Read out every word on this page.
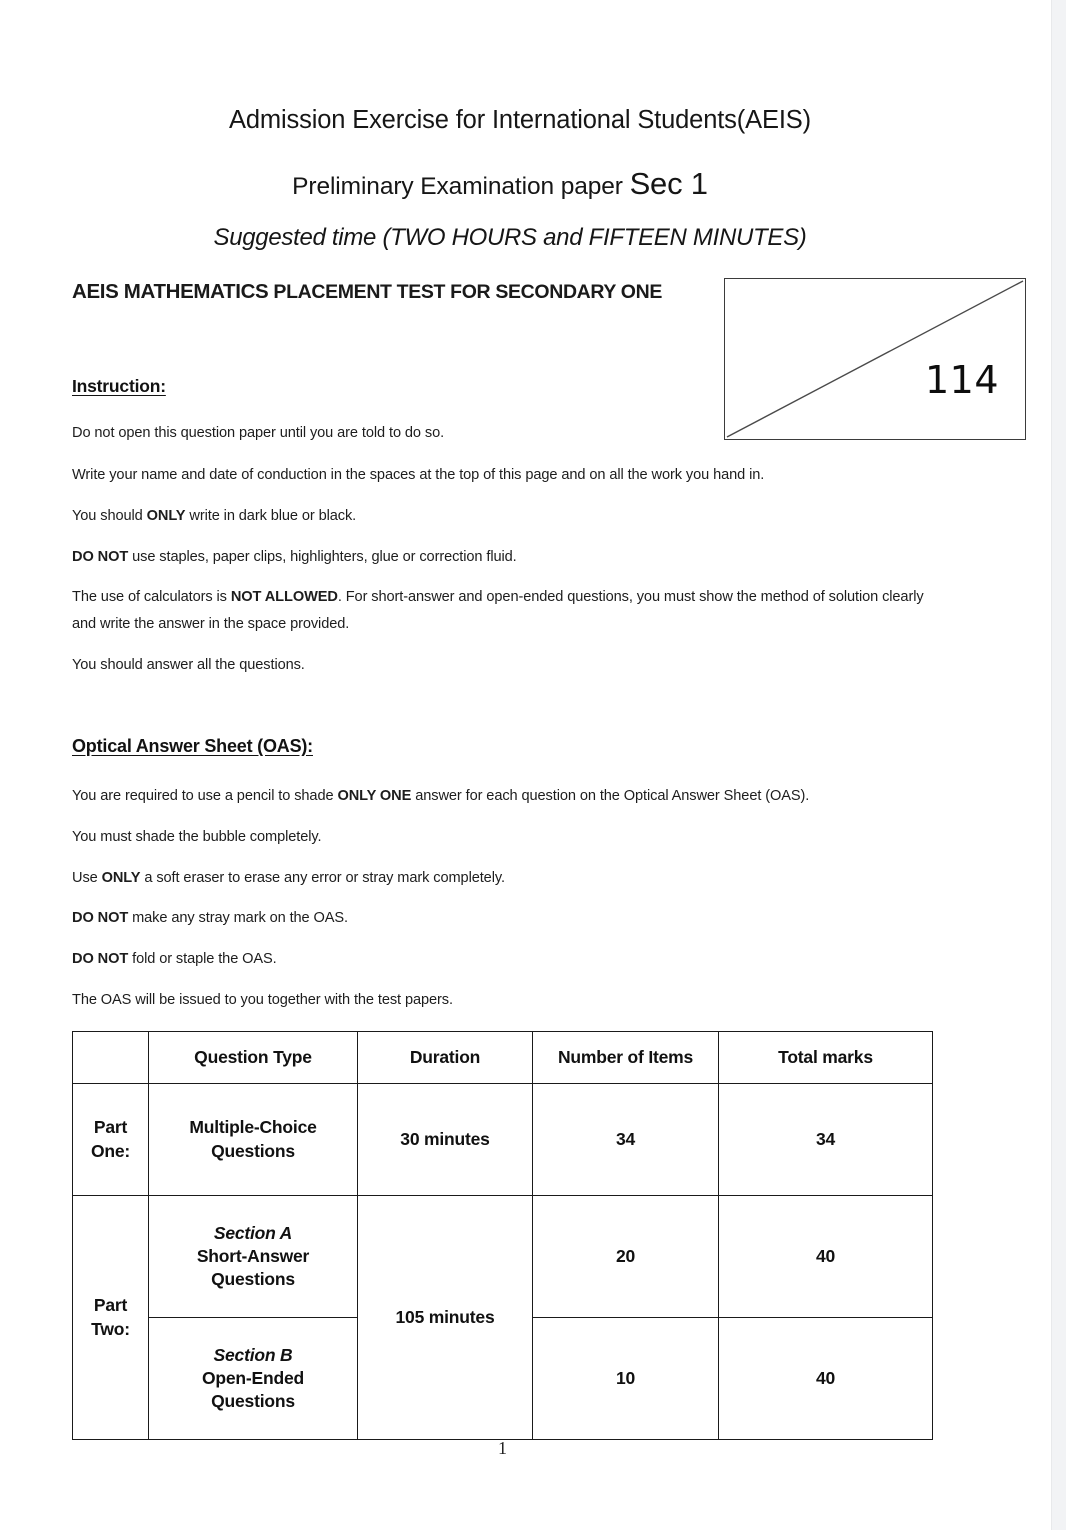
Admission Exercise for International Students(AEIS)
Preliminary Examination paper Sec 1
Suggested time (TWO HOURS and FIFTEEN MINUTES)
AEIS MATHEMATICS PLACEMENT TEST FOR SECONDARY ONE
114
Instruction:
Do not open this question paper until you are told to do so.
Write your name and date of conduction in the spaces at the top of this page and on all the work you hand in.
You should ONLY write in dark blue or black.
DO NOT use staples, paper clips, highlighters, glue or correction fluid.
The use of calculators is NOT ALLOWED. For short-answer and open-ended questions, you must show the method of solution clearly and write the answer in the space provided.
You should answer all the questions.
Optical Answer Sheet (OAS):
You are required to use a pencil to shade ONLY ONE answer for each question on the Optical Answer Sheet (OAS).
You must shade the bubble completely.
Use ONLY a soft eraser to erase any error or stray mark completely.
DO NOT make any stray mark on the OAS.
DO NOT fold or staple the OAS.
The OAS will be issued to you together with the test papers.
	Question Type	Duration	Number of Items	Total marks
Part
One:	Multiple-Choice
Questions	30 minutes	34	34
Part
Two:	Section A
Short-Answer
Questions	105 minutes	20	40

	Section B
Open-Ended
Questions		10	40
1
